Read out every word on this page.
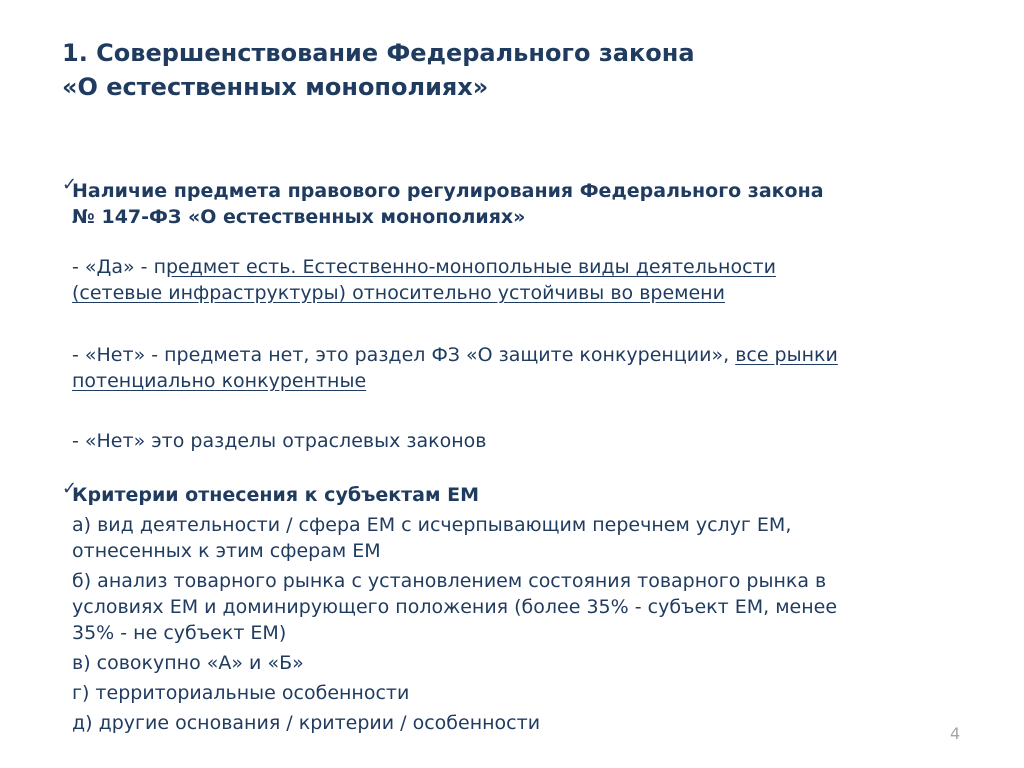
1. Совершенствование Федерального закона
«О естественных монополиях»
✓
Наличие предмета правового регулирования Федерального закона
№ 147-ФЗ «О естественных монополиях»
- «Да» - предмет есть. Естественно-монопольные виды деятельности
(сетевые инфраструктуры) относительно устойчивы во времени
- «Нет» - предмета нет, это раздел ФЗ «О защите конкуренции», все рынки
потенциально конкурентные
- «Нет» это разделы отраслевых законов
✓
Критерии отнесения к субъектам ЕМ
а) вид деятельности / сфера ЕМ с исчерпывающим перечнем услуг ЕМ,
отнесенных к этим сферам ЕМ
б) анализ товарного рынка с установлением состояния товарного рынка в
условиях ЕМ и доминирующего положения (более 35% - субъект ЕМ, менее
35% - не субъект ЕМ)
в) совокупно «А» и «Б»
г) территориальные особенности
д) другие основания / критерии / особенности	4
